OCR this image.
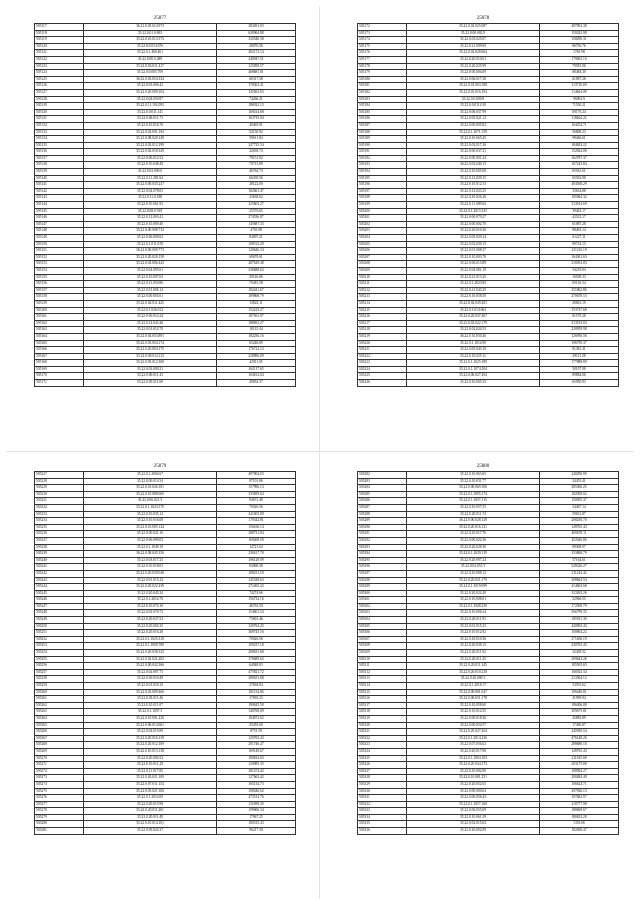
25877
505117	36.22.0.05.014.973	283491.03
505118	35.22.0.01.0.693	620964.88
505119	35.22.0.10.013.573	335540.38
505120	35.22.0.0.014.676	28076.56
505121	35.22.0.1.460.461	282172.14
505122	35.22.0.00.0.489	240947.51
505123	35.22.0.03.011.417	125859.57
505124	35.22.0.0.005.709	468681.01
505125	36.22.0.03.054.334	60317.38
505126	35.22.0.03.006.42	170363.41
505127	35.22.0.20.009.104	145563.83
505128	35.22.0.04.050.87	74266.21
505129	35.22.0.11.102.093	186922.13
505130	35.22.0.0.011.141	169414.68
505131	35.22.0.06.011.73	163735.94
505132	35.22.0.10.016.76	40465.91
505133	35.22.0.02.001.194	52130.92
505134	35.22.0.08.020.149	59611.84
505135	35.22.0.02.012.199	247725.54
505136	35.22.0.02.018.329	22658.74
505137	35.22.0.06.012.52	79151.92
505138	35.22.0.10.048.49	70713.89
505139	35.22.0.03.009.6	46764.73
505140	35.22.0.11.281.64	66339.56
505141	35.22.0.00.035.237	28122.00
505142	35.22.0.02.078.03	182661.47
505143	35.22.0.11.0.188	23638.62
505144	35.22.0.10.061.93	125603.27
505145	35.22.0.08.0.919	25576.65
505146	35.22.0.12.003.41	274536.87
505147	35.22.0.10.009.40	145687.33
505148	35.22.0.00.008.712	4763.98
505149	35.22.0.06.009.02	84007.21
505150	35.22.0.1.011.078	108312.29
505151	36.22.0.00.000.773	120646.34
505152	35.22.0.20.020.158	60670.61
505153	35.22.0.02.006.443	287629.48
505154	35.22.0.04.095.61	236688.63
505155	35.22.0.10.007.63	30146.86
505156	35.22.0.21.050.86	70481.58
505157	35.22.0.01.006.14	182441.67
505158	35.22.0.00.065.61	189868.79
505159	35.22.0.02.011.425	13822.11
505160	35.22.0.1.026.012	152223.27
505161	35.22.0.00.014.24	187561.07
505162	35.22.0.12.043.46	188691.27
505163	35.22.0.01.012.70	10115.44
505164	35.22.0.04.053.891	182256.16
505165	35.22.0.03.004.174	65246.69
505166	35.22.0.20.004.175	176722.13
505167	35.22.0.00.014.113	228896.09
505168	35.22.0.05.012.308	42911.05
505169	35.22.0.03.009.21	162117.63
505170	35.22.0.00.011.43	104162.04
505171	35.22.0.05.011.69	49834.37
25878
505172	35.22.0.02.025.087	497902.38
505173	35.22.0.00.002.9	150243.98
505174	35.22.0.03.025.07	158290.31
505175	35.22.0.21.009.09	86756.76
505176	35.22.0.02.028.604	1765.98
505177	35.22.0.20.010.01	179602.10
505178	35.22.0.20.025.99	79581.06
505179	35.22.0.00.004.09	88484.30
505180	35.22.0.06.017.38	61087.28
505181	35.22.0.01.063.188	113716.69
505182	35.22.0.01.016.194	114664.08
505183	35.22.0.0.000.9	96962.9
505184	35.22.0.0.011.010	71530.21
505185	35.22.0.06.037.99	69176.24
505186	35.22.0.05.021.12	118464.22
505187	35.22.0.00.005.82	104254.71
505188	35.22.0.1.1071.159	56808.23
505189	35.22.0.10.665.45	98466.61
505190	35.22.0.02.017.26	184842.22
505191	35.22.0.00.037.21	152824.08
505192	35.22.0.00.901.24	162787.37
505193	36.22.0.02.040.15	167243.84
505194	35.22.0.10.005.08	65561.61
505195	35.22.0.12.029.15	65563.98
505196	35.22.0.10.012.53	494568.29
505197	35.22.0.12.023.25	33634.88
505198	35.22.0.10.026.26	185964.32
505199	35.22.0.11.009.63	313914.69
505200	35.22.0.1.2015.335	39463.17
505201	35.22.0.00.079.27	42523.17
505202	35.22.0.00.002.70	61087.28
505203	35.22.0.20.010.30	88463.14
505204	35.22.0.05.029.24	61227.11
505205	35.22.0.02.030.15	90724.15
505206	35.22.0.01.008.37	231216.19
505207	35.22.0.10.003.70	164361.63
505208	35.22.0.06.013.89	216952.83
505209	35.22.0.04.081.19	54219.04
505210	35.22.0.21.013.45	16508.33
505211	35.22.0.1.2023.85	65116.54
505212	35.22.0.21.043.25	251862.86
505213	35.22.0.10.058.50	270678.53
505214	35.22.0.02.039.201	20823.19
505215	35.22.0.1.014.063	153747.68
505216	35.22.0.20.047.467	81579.28
505217	35.22.0.02.022.179	313193.03
505218	35.22.0.02.024.53	220959.98
505219	36.22.0.10.050.46	126956.56
505220	35.22.0.1.1014.90	196750.37
505221	35.22.0.05.043.10	81381.41
505222	35.22.0.10.025.11	29111.28
505223	35.22.0.1.1025.189	177888.89
505224	35.22.0.1.1074.104	30107.08
505225	35.22.0.06.027.294	89884.06
505226	35.22.0.10.005.33	65950.93
25879
505227	35.22.0.1.2004.67	497002.03
505228	35.22.0.00.014.54	97101.86
505229	35.22.0.01.026.101	157996.13
505230	35.22.0.10.088.665	335859.04
505231	35.22.0.06.021.5	94672.48
505232	35.22.0.1.1023.370	70026.56
505233	35.22.0.10.035.12	241603.09
505234	35.22.0.10.016.08	170342.81
505235	35.22.0.10.005.124	156166.14
505236	35.22.0.00.021.16	288731.84
505237	35.22.0.06.099.03	169208.59
505238	35.22.0.1.1049.19	14721.62
505239	36.22.0.08.045.356	238417.78
505240	35.22.0.03.017.23	196129.09
505241	35.22.0.10.018.03	84968.38
505242	35.22.0.20.039.048	188231.59
505243	35.22.0.01.015.22	145328.63
505244	35.22.0.20.022.239	271465.43
505245	35.22.0.20.045.24	74274.66
505246	35.22.0.1.2014.70	156732.16
505247	35.22.0.10.072.10	46763.50
505248	35.22.0.02.070.73	154601.54
505249	35.22.0.20.027.52	75001.46
505250	35.22.0.20.004.35	120764.43
505251	35.22.0.20.016.28	369745.16
505252	35.22.0.1.1025.310	70026.56
505253	35.22.0.1.1009.780	109237.18
505254	35.22.0.20.038.143	208631.68
505255	35.22.0.02.021.202	170689.62
505256	35.22.0.00.042.366	64048.03
505257	35.22.0.02.087.75	475821.72
505258	35.22.0.30.010.49	280631.68
505259	35.22.0.01.010.10	27694.84
505260	35.22.0.03.009.466	181134.06
505261	35.22.0.03.011.46	17693.23
505262	35.22.0.10.011.07	190625.50
505263	35.22.0.1.1007.3	146768.09
505264	35.22.0.10.001.220	104072.62
505265	35.22.0.06.014.661	25455.60
505266	35.22.0.04.015.89	8751.59
505267	35.22.0.20.016.139	120765.43
505268	35.22.0.20.012.109	201746.47
505269	35.22.0.10.013.138	169149.67
505270	35.22.0.20.094.52	190634.63
505271	35.22.0.10.011.29	129985.35
505272	35.22.0.11.017.85	281474.42
505273	35.22.0.20.021.109	127663.42
505274	35.22.0.07.011.134	165134.73
505275	35.22.0.05.021.306	108446.62
505276	35.22.0.1.2014.09	473514.76
505277	35.22.0.20.015.98	111699.30
505278	35.22.0.20.011.261	199606.34
505279	35.22.0.20.011.49	17967.25
505280	35.22.0.10.014.101	180315.43
505281	35.22.0.09.024.37	96217.30
25880
505282	35.22.0.10.063.65	240296.99
505283	35.22.0.10.031.77	24453.41
505284	35.22.0.00.069.106	385366.25
505285	35.22.0.1.1005.174	102058.02
505286	35.22.0.1.1057.115	150505.37
505287	35.22.0.10.057.55	54467.14
505288	35.22.0.20.011.74	59631.87
505289	36.22.0.00.028.129	208230.70
505290	35.22.0.20.016.121	128765.43
505291	35.22.0.10.017.76	409678.11
505292	35.22.0.00.022.36	452026.86
505293	35.22.0.20.028.30	99308.07
505294	35.22.0.1.2029.139	333868.79
505295	35.22.0.20.097.24	57164.61
505296	35.22.0.02.051.5	528326.27
505297	35.22.0.10.008.12	211244.42
505298	35.22.0.20.021.179	208604.54
505299	35.22.0.1.1019.099	414663.68
505300	35.22.0.20.022.40	323265.26
505301	35.22.0.10.008.01	52966.55
505302	35.22.0.1.1028.230	172568.79
505303	35.22.0.10.006.24	566799.35
505304	35.22.0.20.011.91	185911.39
505305	35.22.0.01.015.23	420963.43
505306	35.22.0.10.012.92	100864.22
505307	35.22.0.18.010.56	271656.19
505308	35.22.0.20.038.15	230765.45
505309	35.22.0.20.011.92	32458.52
505310	35.22.0.20.011.25	209643.26
505311	35.22.0.20.011.145	185505.65
505312	35.22.0.20.010.230	166923.34
505313	35.22.0.20.000.3	213564.12
505314	35.22.0.1.2018.17	33591.62
505315	35.22.0.00.081.047	106440.81
505316	35.22.0.00.031.178	41999.94
505317	35.22.0.10.058.60	186406.08
505318	35.22.0.10.014.35	309675.81
505319	35.22.0.00.018.56	45883.89
505320	35.22.0.00.054.57	17466.87
505321	35.22.0.20.027.264	245930.54
505322	35.22.0.1.2014.236	476148.26
505323	35.22.0.07.056.02	288680.18
505324	35.22.0.20.017.90	128765.43
505325	35.22.0.1.1004.103	211545.68
505326	35.22.0.20.044.173	203175.88
505327	35.22.0.10.002.90	108994.27
505328	35.22.0.10.081.251	200484.49
505329	35.22.0.20.052.65	106623.71
505330	35.22.0.00.000.04	297926.13
505331	35.22.0.06.056.43	107682.07
505332	35.22.0.1.1057.160	218777.98
505333	35.22.0.06.055.09	188669.67
505334	35.22.0.10.061.29	180632.20
505335	35.22.0.02.015.62	1353.66
505336	35.22.0.20.002.99	182496.47
